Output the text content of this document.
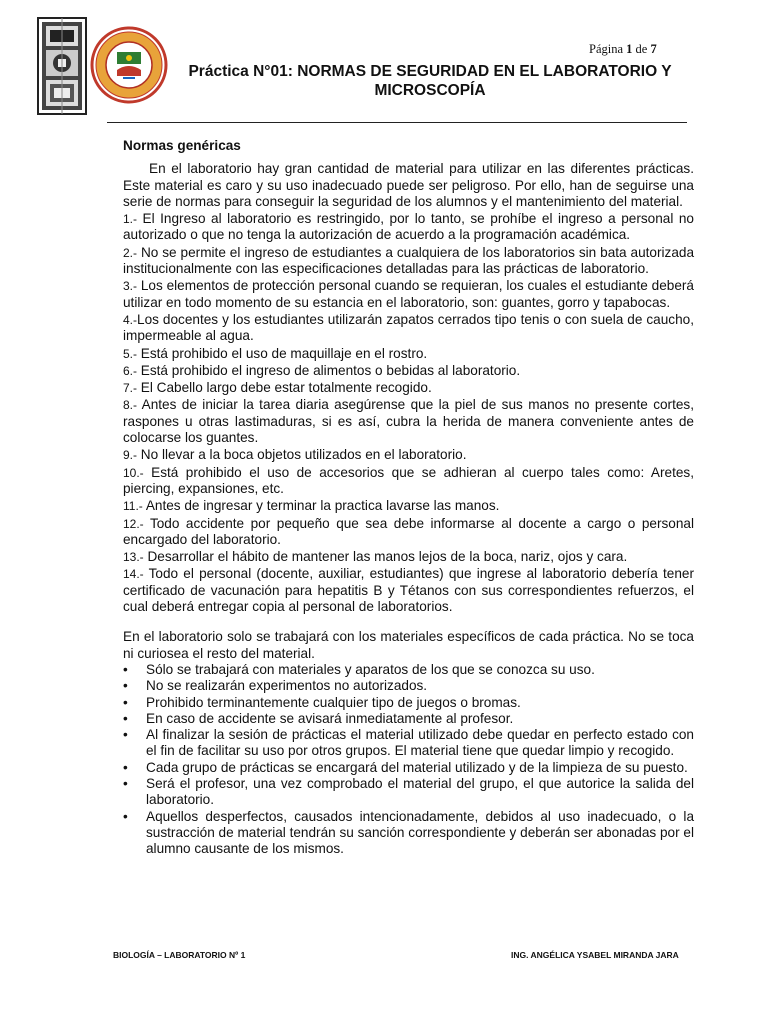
Página 1 de 7
Práctica N°01: NORMAS DE SEGURIDAD EN EL LABORATORIO Y
MICROSCOPÍA
Normas genéricas
En el laboratorio hay gran cantidad de material para utilizar en las diferentes prácticas. Este material es caro y su uso inadecuado puede ser peligroso. Por ello, han de seguirse una serie de normas para conseguir la seguridad de los alumnos y el mantenimiento del material.
1.- El Ingreso al laboratorio es restringido, por lo tanto, se prohíbe el ingreso a personal no autorizado o que no tenga la autorización de acuerdo a la programación académica.
2.- No se permite el ingreso de estudiantes a cualquiera de los laboratorios sin bata autorizada institucionalmente con las especificaciones detalladas para las prácticas de laboratorio.
3.- Los elementos de protección personal cuando se requieran, los cuales el estudiante deberá utilizar en todo momento de su estancia en el laboratorio, son: guantes, gorro y tapabocas.
4.-Los docentes y los estudiantes utilizarán zapatos cerrados tipo tenis o con suela de caucho, impermeable al agua.
5.- Está prohibido el uso de maquillaje en el rostro.
6.- Está prohibido el ingreso de alimentos o bebidas al laboratorio.
7.- El Cabello largo debe estar totalmente recogido.
8.- Antes de iniciar la tarea diaria asegúrense que la piel de sus manos no presente cortes, raspones u otras lastimaduras, si es así, cubra la herida de manera conveniente antes de colocarse los guantes.
9.- No llevar a la boca objetos utilizados en el laboratorio.
10.- Está prohibido el uso de accesorios que se adhieran al cuerpo tales como: Aretes, piercing, expansiones, etc.
11.- Antes de ingresar y terminar la practica lavarse las manos.
12.- Todo accidente por pequeño que sea debe informarse al docente a cargo o personal encargado del laboratorio.
13.- Desarrollar el hábito de mantener las manos lejos de la boca, nariz, ojos y cara.
14.- Todo el personal (docente, auxiliar, estudiantes) que ingrese al laboratorio debería tener certificado de vacunación para hepatitis B y Tétanos con sus correspondientes refuerzos, el cual deberá entregar copia al personal de laboratorios.
En el laboratorio solo se trabajará con los materiales específicos de cada práctica. No se toca ni curiosea el resto del material.
• Sólo se trabajará con materiales y aparatos de los que se conozca su uso.
• No se realizarán experimentos no autorizados.
• Prohibido terminantemente cualquier tipo de juegos o bromas.
• En caso de accidente se avisará inmediatamente al profesor.
• Al finalizar la sesión de prácticas el material utilizado debe quedar en perfecto estado con el fin de facilitar su uso por otros grupos. El material tiene que quedar limpio y recogido.
• Cada grupo de prácticas se encargará del material utilizado y de la limpieza de su puesto.
• Será el profesor, una vez comprobado el material del grupo, el que autorice la salida del laboratorio.
• Aquellos desperfectos, causados intencionadamente, debidos al uso inadecuado, o la sustracción de material tendrán su sanción correspondiente y deberán ser abonadas por el alumno causante de los mismos.
BIOLOGÍA – LABORATORIO Nº 1	ING. ANGÉLICA YSABEL MIRANDA JARA
